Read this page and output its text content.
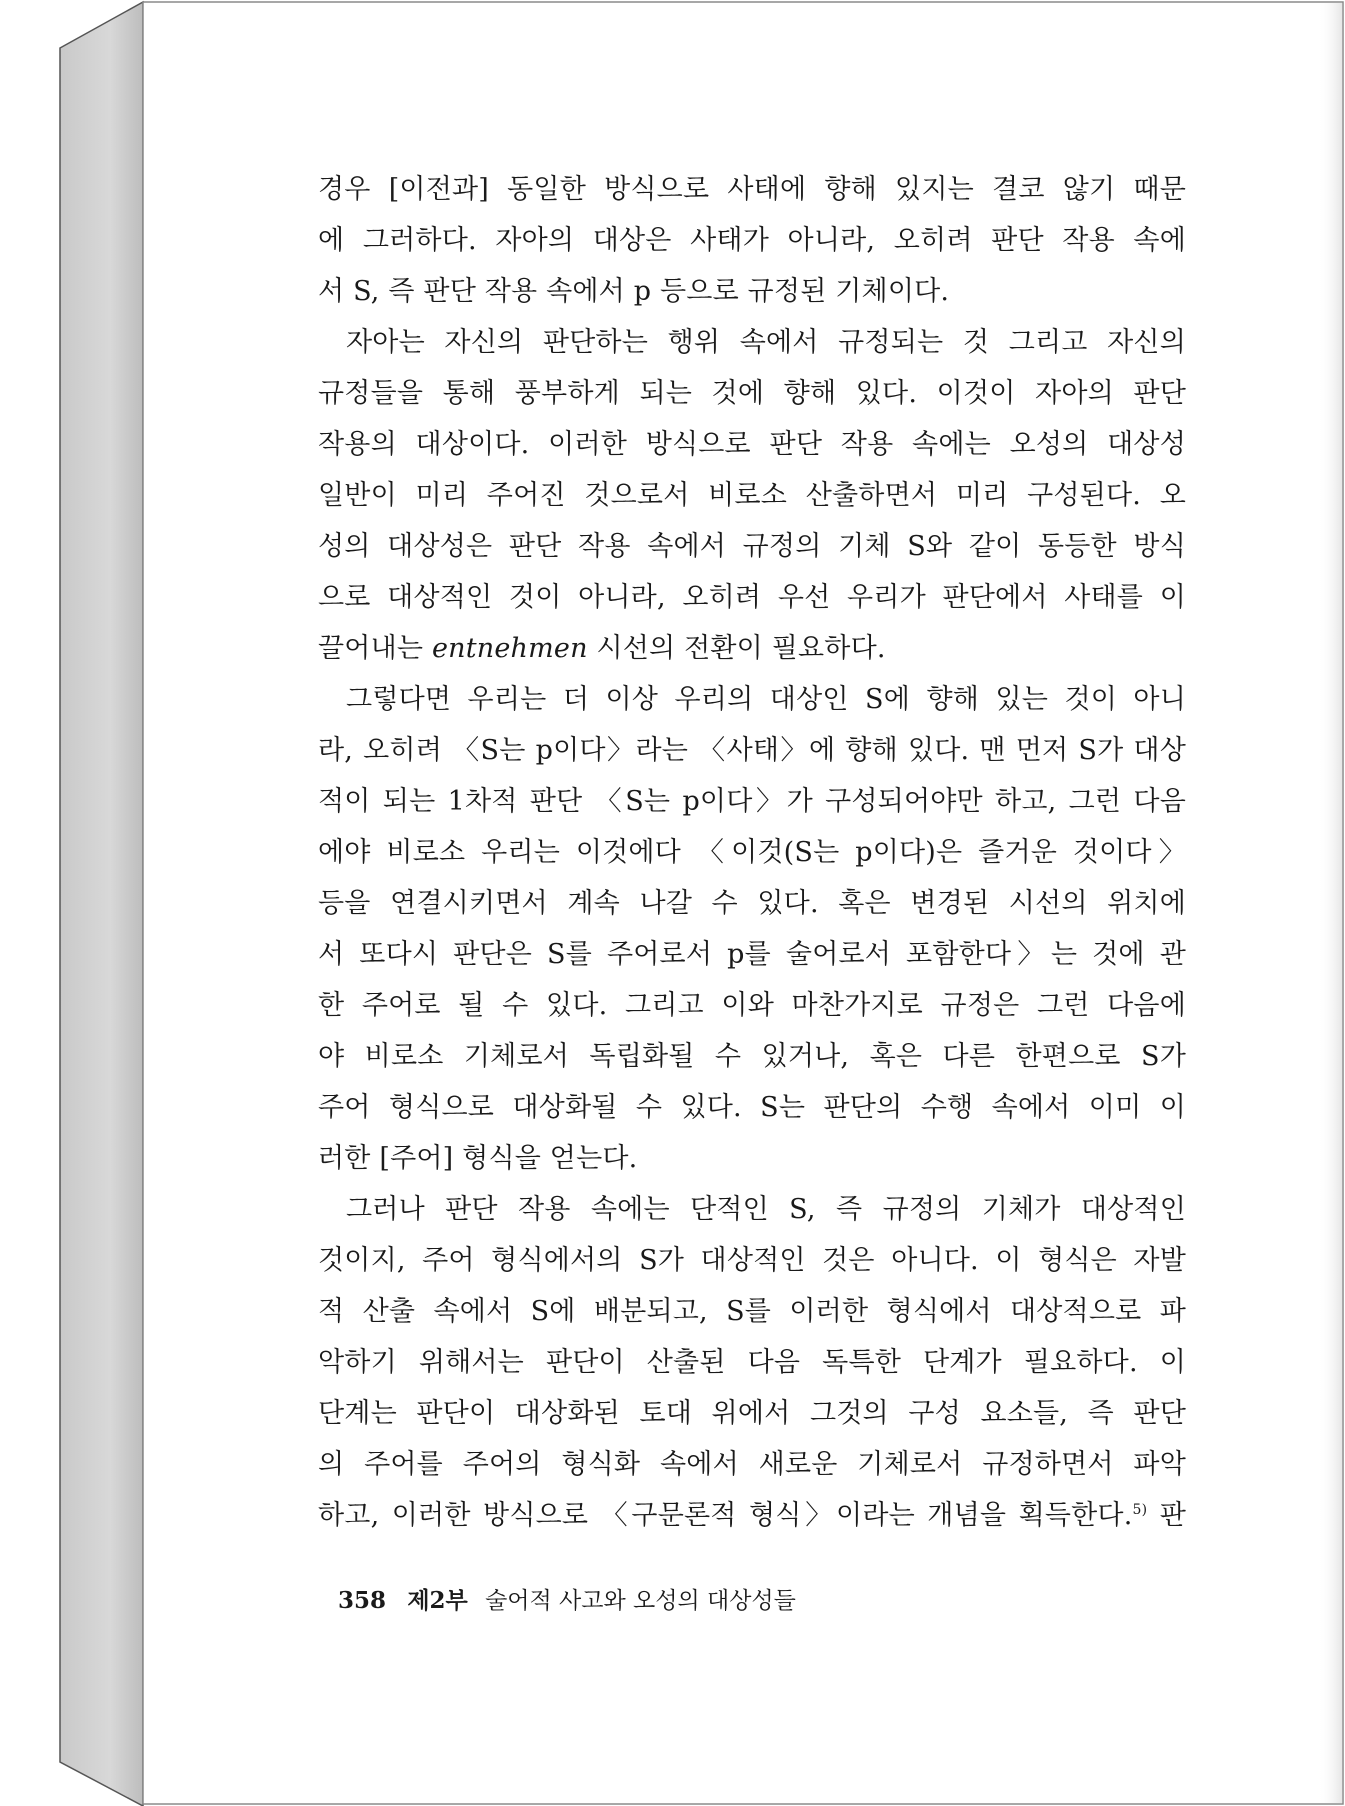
경우 [이전과] 동일한 방식으로 사태에 향해 있지는 결코 않기 때문
에 그러하다. 자아의 대상은 사태가 아니라, 오히려 판단 작용 속에
서 S, 즉 판단 작용 속에서 p 등으로 규정된 기체이다.
자아는 자신의 판단하는 행위 속에서 규정되는 것 그리고 자신의
규정들을 통해 풍부하게 되는 것에 향해 있다. 이것이 자아의 판단
작용의 대상이다. 이러한 방식으로 판단 작용 속에는 오성의 대상성
일반이 미리 주어진 것으로서 비로소 산출하면서 미리 구성된다. 오
성의 대상성은 판단 작용 속에서 규정의 기체 S와 같이 동등한 방식
으로 대상적인 것이 아니라, 오히려 우선 우리가 판단에서 사태를 이
끌어내는 entnehmen 시선의 전환이 필요하다.
그렇다면 우리는 더 이상 우리의 대상인 S에 향해 있는 것이 아니
라, 오히려 〈S는 p이다〉라는 〈사태〉에 향해 있다. 맨 먼저 S가 대상
적이 되는 1차적 판단 〈S는 p이다〉가 구성되어야만 하고, 그런 다음
에야 비로소 우리는 이것에다 〈이것(S는 p이다)은 즐거운 것이다〉
등을 연결시키면서 계속 나갈 수 있다. 혹은 변경된 시선의 위치에
서 또다시 판단은 S를 주어로서 p를 술어로서 포함한다〉는 것에 관
한 주어로 될 수 있다. 그리고 이와 마찬가지로 규정은 그런 다음에
야 비로소 기체로서 독립화될 수 있거나, 혹은 다른 한편으로 S가
주어 형식으로 대상화될 수 있다. S는 판단의 수행 속에서 이미 이
러한 [주어] 형식을 얻는다.
그러나 판단 작용 속에는 단적인 S, 즉 규정의 기체가 대상적인
것이지, 주어 형식에서의 S가 대상적인 것은 아니다. 이 형식은 자발
적 산출 속에서 S에 배분되고, S를 이러한 형식에서 대상적으로 파
악하기 위해서는 판단이 산출된 다음 독특한 단계가 필요하다. 이
단계는 판단이 대상화된 토대 위에서 그것의 구성 요소들, 즉 판단
의 주어를 주어의 형식화 속에서 새로운 기체로서 규정하면서 파악
하고, 이러한 방식으로 〈구문론적 형식〉이라는 개념을 획득한다.$^{5)}$ 판
358 제2부 술어적 사고와 오성의 대상성들
